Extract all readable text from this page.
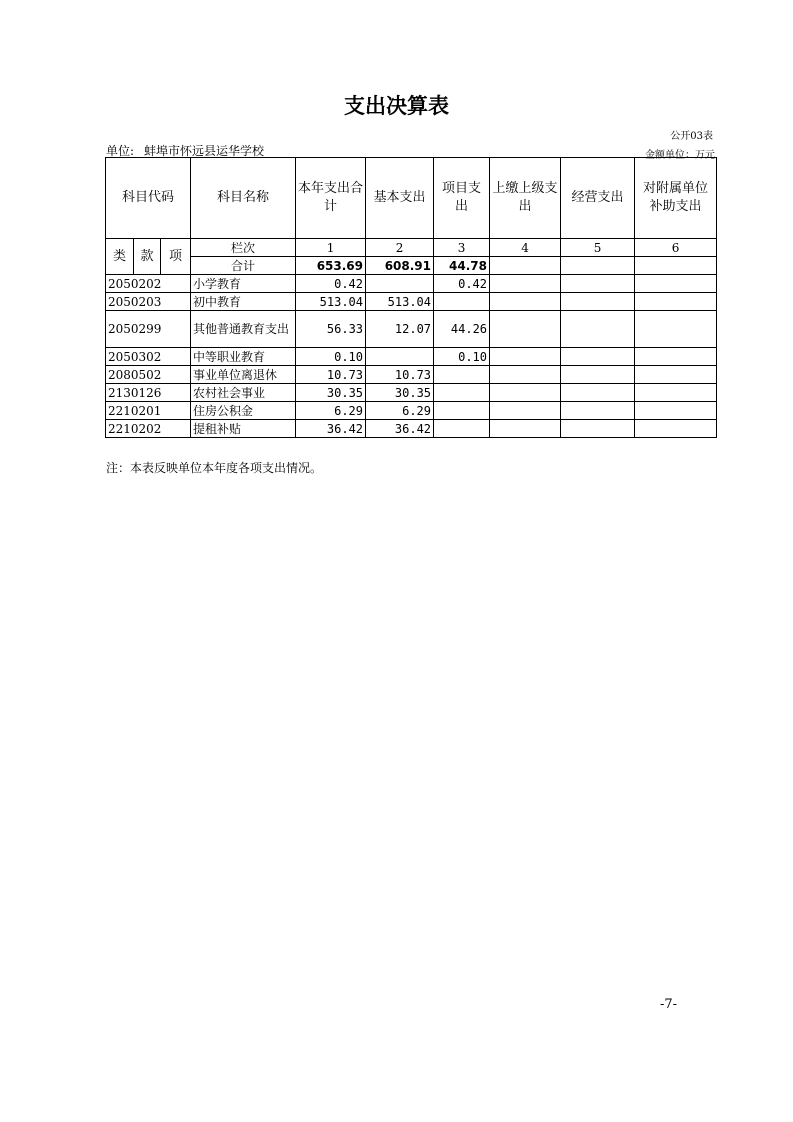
支出决算表
公开03表
单位: 蚌埠市怀远县运华学校	金额单位：万元
科目代码			科目名称	本年支出合计	基本支出	项目支出	上缴上级支出	经营支出	对附属单位补助支出
类	款	项	栏次	1	2	3	4	5	6
			合计	653.69	608.91	44.78			
2050202			小学教育	0.42		0.42			
2050203			初中教育	513.04	513.04				
2050299			其他普通教育支出	56.33	12.07	44.26			
2050302			中等职业教育	0.10		0.10			
2080502			事业单位离退休	10.73	10.73				
2130126			农村社会事业	30.35	30.35				
2210201			住房公积金	6.29	6.29				
2210202			提租补贴	36.42	36.42				
注：本表反映单位本年度各项支出情况。
-7-
